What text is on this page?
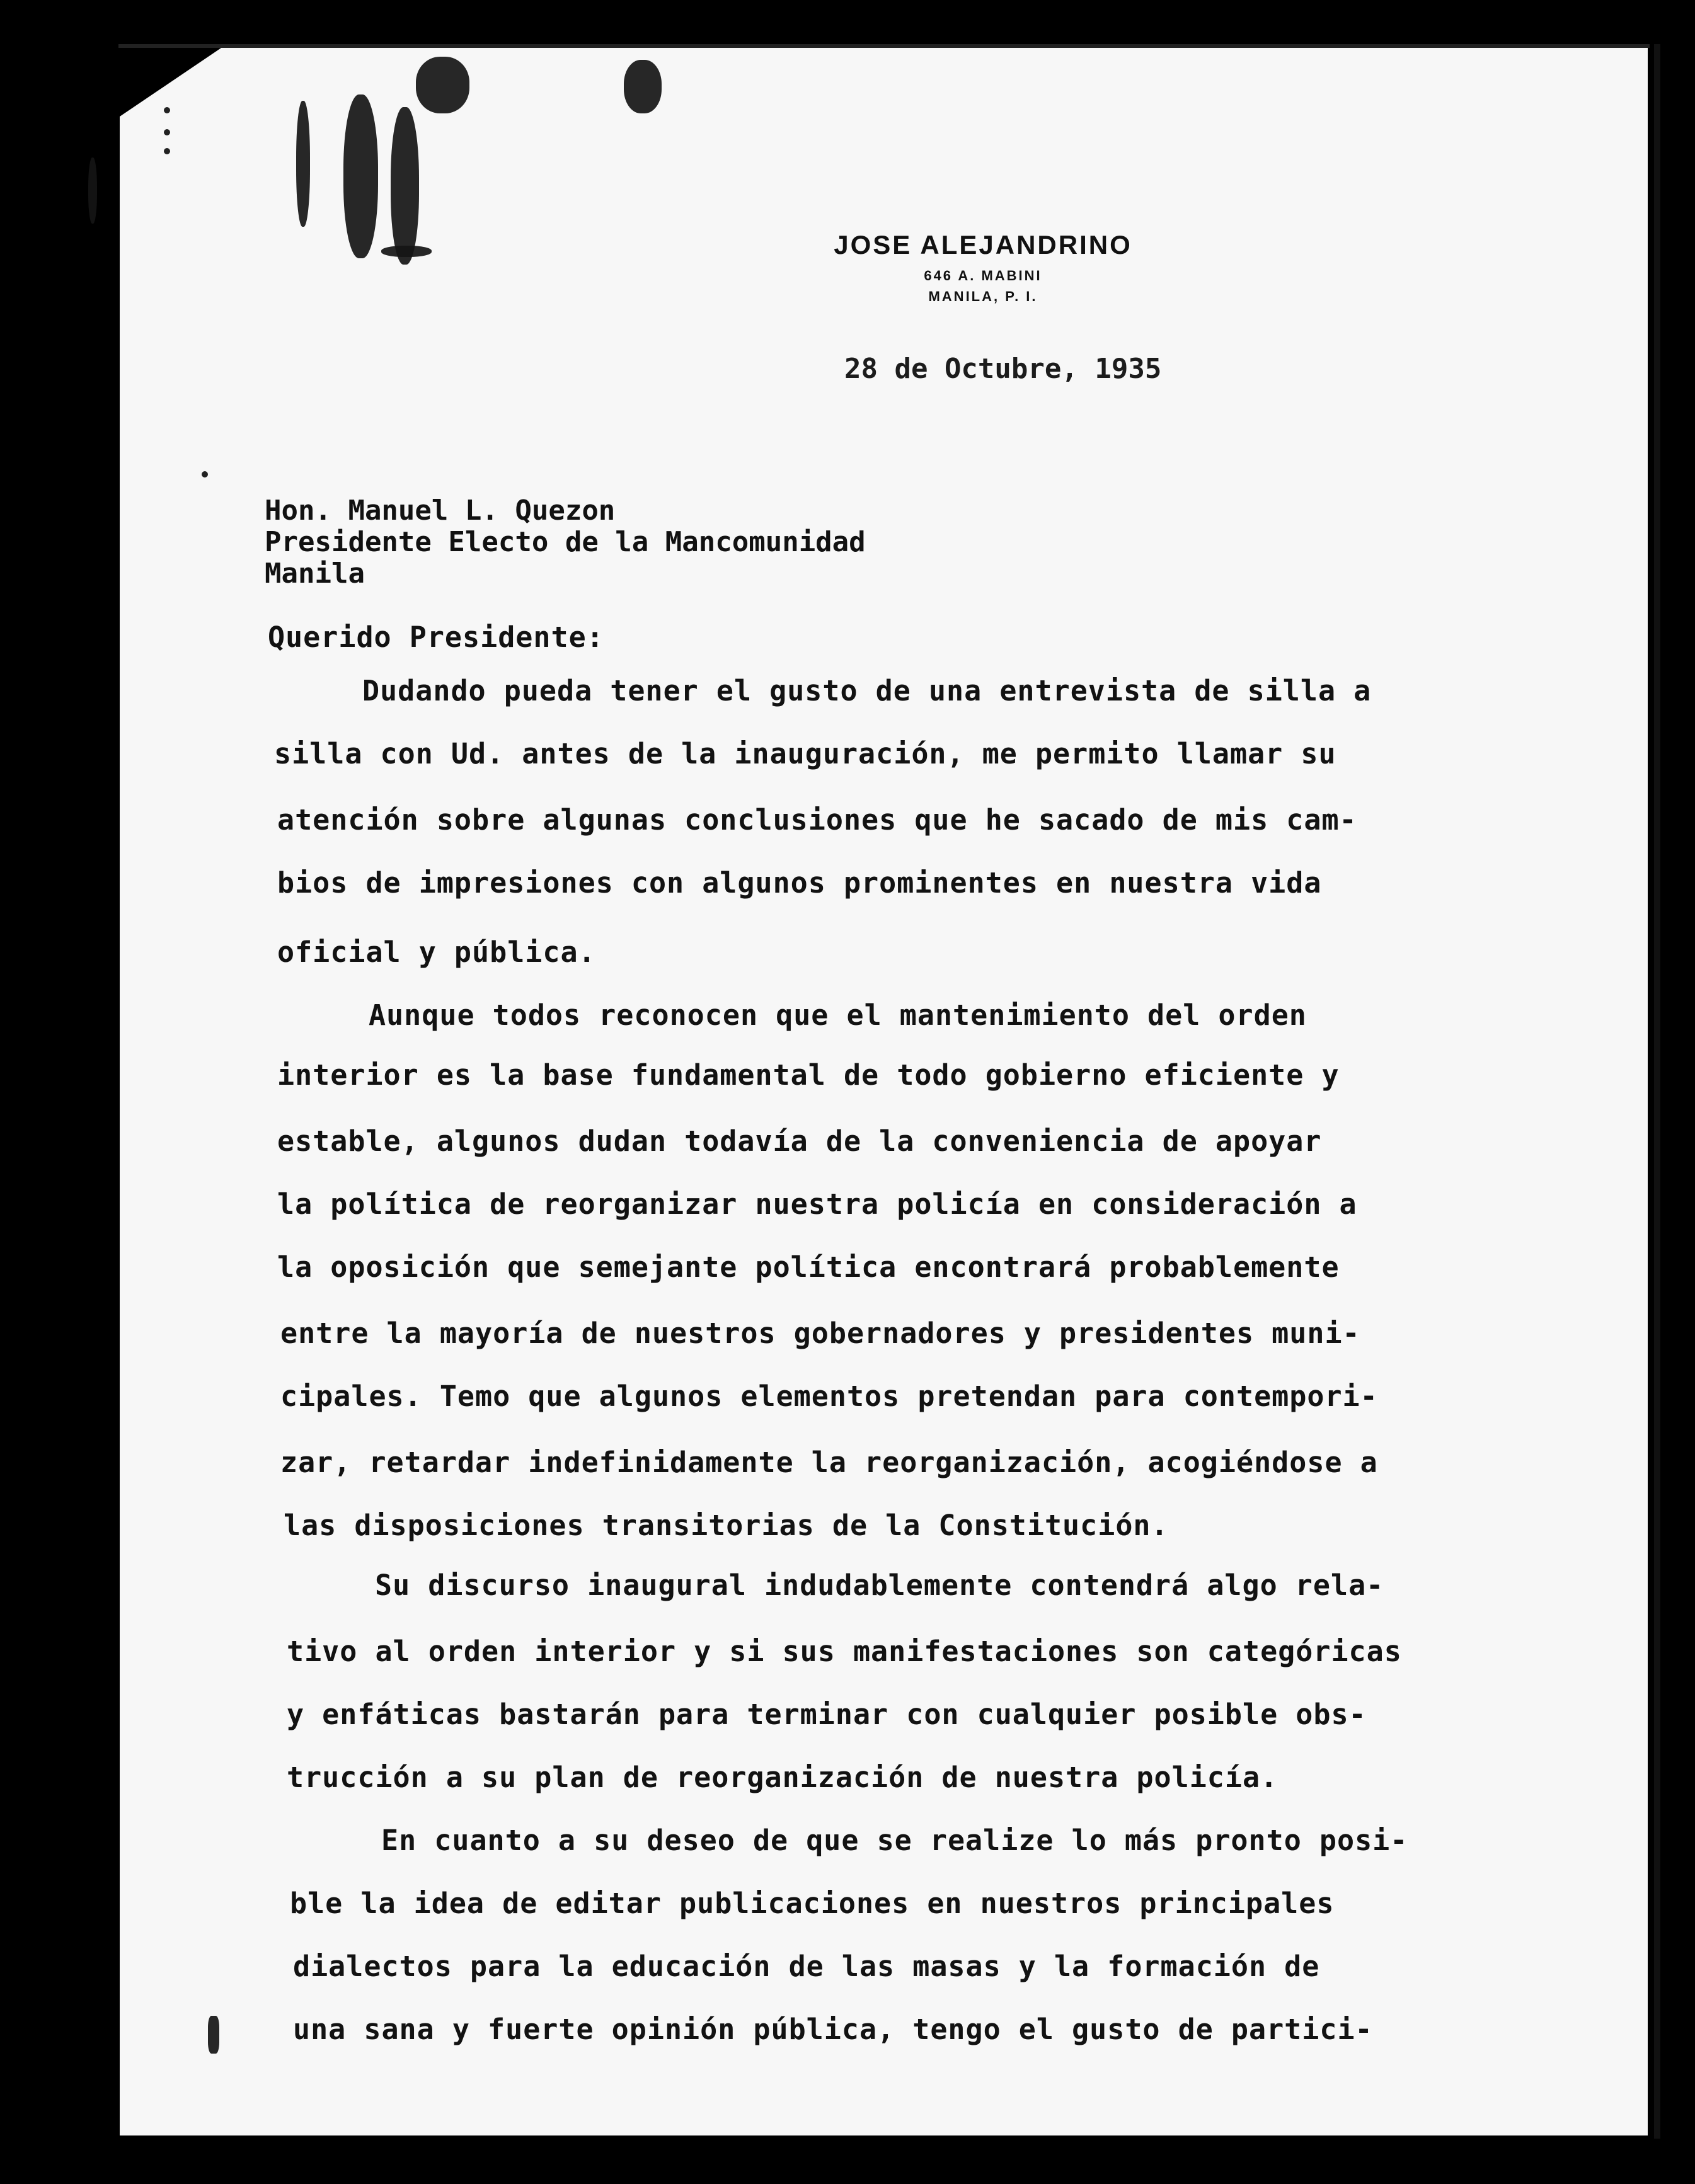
JOSE ALEJANDRINO
646 A. MABINI
MANILA, P. I.
28 de Octubre, 1935
Hon. Manuel L. Quezon
Presidente Electo de la Mancomunidad
Manila
Querido Presidente:
Dudando pueda tener el gusto de una entrevista de silla a
silla con Ud. antes de la inauguración, me permito llamar su
atención sobre algunas conclusiones que he sacado de mis cam-
bios de impresiones con algunos prominentes en nuestra vida
oficial y pública.
Aunque todos reconocen que el mantenimiento del orden
interior es la base fundamental de todo gobierno eficiente y
estable, algunos dudan todavía de la conveniencia de apoyar
la política de reorganizar nuestra policía en consideración a
la oposición que semejante política encontrará probablemente
entre la mayoría de nuestros gobernadores y presidentes muni-
cipales. Temo que algunos elementos pretendan para contempori-
zar, retardar indefinidamente la reorganización, acogiéndose a
las disposiciones transitorias de la Constitución.
Su discurso inaugural indudablemente contendrá algo rela-
tivo al orden interior y si sus manifestaciones son categóricas
y enfáticas bastarán para terminar con cualquier posible obs-
trucción a su plan de reorganización de nuestra policía.
En cuanto a su deseo de que se realize lo más pronto posi-
ble la idea de editar publicaciones en nuestros principales
dialectos para la educación de las masas y la formación de
una sana y fuerte opinión pública, tengo el gusto de partici-
